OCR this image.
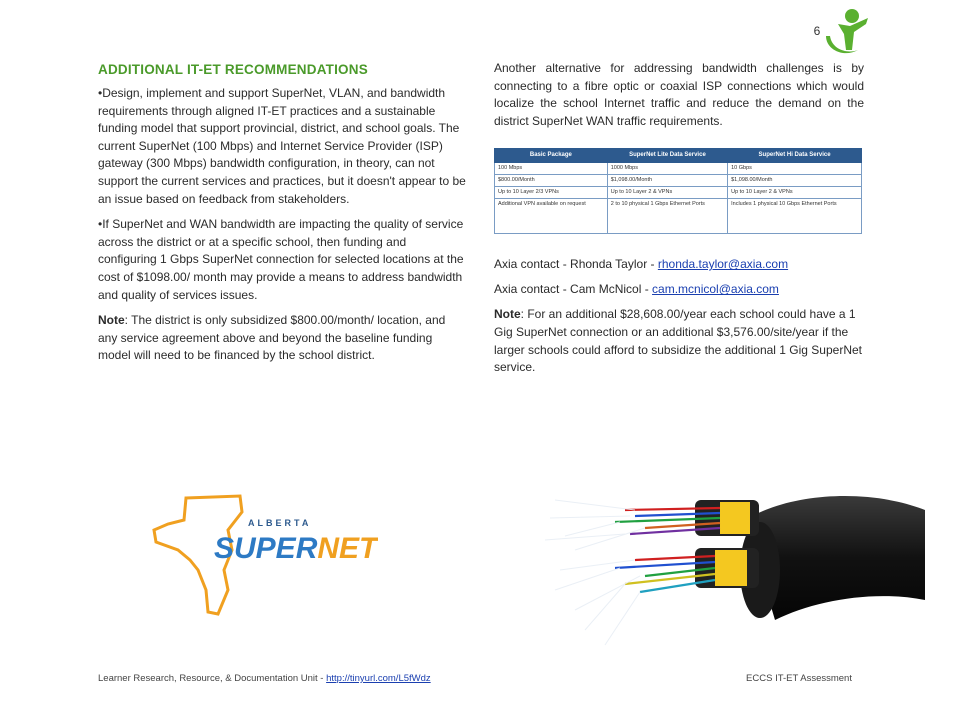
6
ADDITIONAL IT-ET RECOMMENDATIONS

•Design, implement and support SuperNet, VLAN, and bandwidth requirements through aligned IT-ET practices and a sustainable funding model that support provincial, district, and school goals. The current SuperNet (100 Mbps) and Internet Service Provider (ISP) gateway (300 Mbps) bandwidth configuration, in theory, can not support the current services and practices, but it doesn't appear to be an issue based on feedback from stakeholders.

•If SuperNet and WAN bandwidth are impacting the quality of service across the district or at a specific school, then funding and configuring 1 Gbps SuperNet connection for selected locations at the cost of $1098.00/ month may provide a means to address bandwidth and quality of services issues.

Note: The district is only subsidized $800.00/month/ location, and any service agreement above and beyond the baseline funding model will need to be financed by the school district.

Another alternative for addressing bandwidth challenges is by connecting to a fibre optic or coaxial ISP connections which would localize the school Internet traffic and reduce the demand on the district SuperNet WAN traffic requirements.

Basic Package	SuperNet Lite Data Service	SuperNet Hi Data Service
100 Mbps	1000 Mbps	10 Gbps
$800.00/Month	$1,098.00/Month	$1,098.00/Month
Up to 10 Layer 2/3 VPNs	Up to 10 Layer 2 & VPNs	Up to 10 Layer 2 & VPNs
Additional VPN available on request	2 to 10 physical 1 Gbps Ethernet Ports	Includes 1 physical 10 Gbps Ethernet Ports

Axia contact - Rhonda Taylor - rhonda.taylor@axia.com

Axia contact - Cam McNicol - cam.mcnicol@axia.com

Note: For an additional $28,608.00/year each school could have a 1 Gig SuperNet connection or an additional $3,576.00/site/year if the larger schools could afford to subsidize the additional 1 Gig SuperNet service.

ALBERTA
SUPERNET
Learner Research, Resource, & Documentation Unit - http://tinyurl.com/L5fWdz	ECCS IT-ET Assessment
